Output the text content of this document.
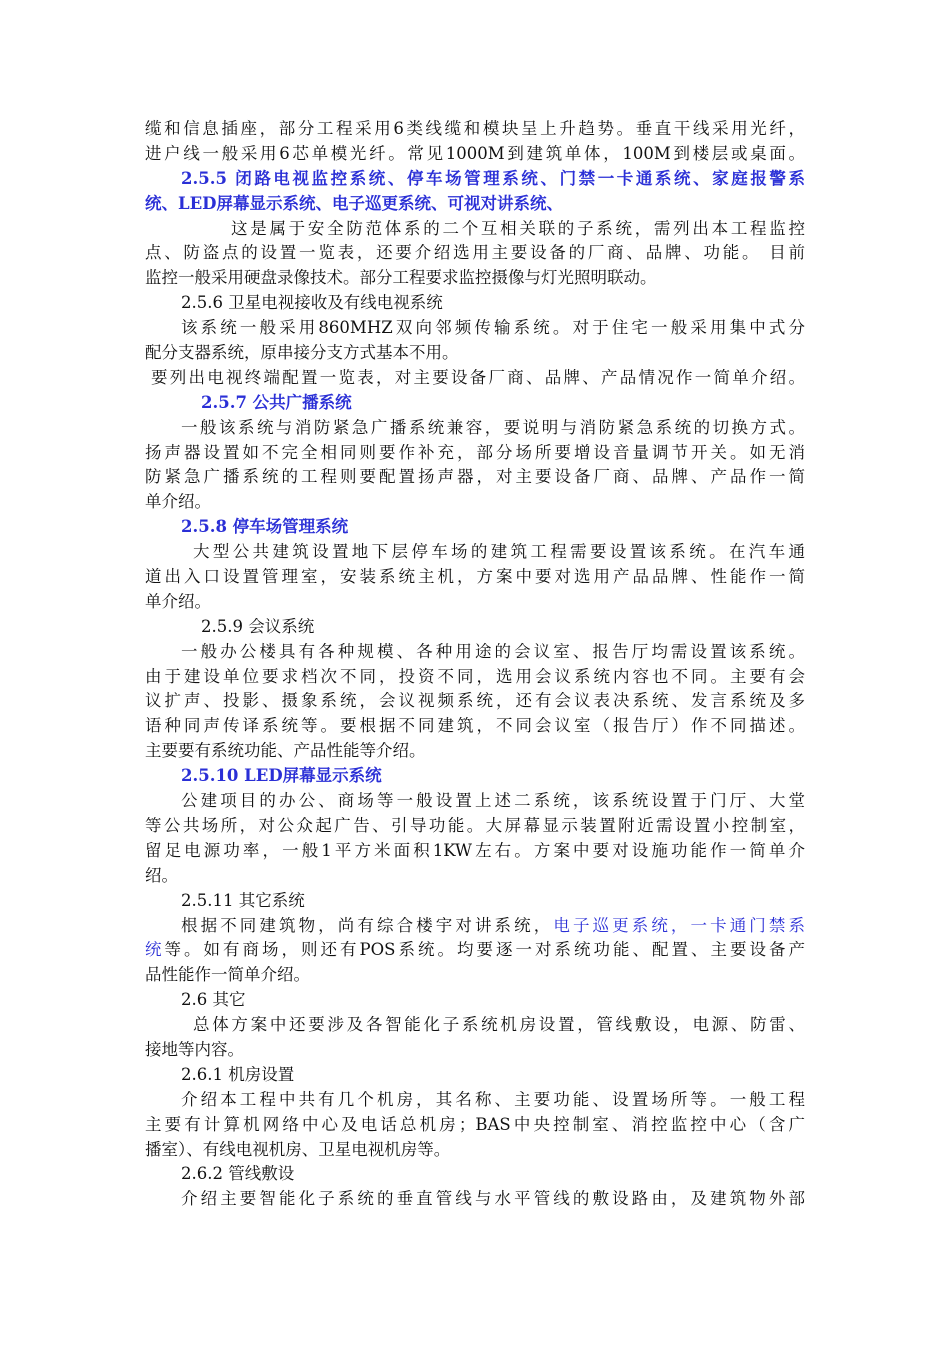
缆和信息插座，部分工程采用6类线缆和模块呈上升趋势。垂直干线采用光纤，
进户线一般采用6芯单模光纤。常见1000M到建筑单体，100M到楼层或桌面。
2.5.5 闭路电视监控系统、停车场管理系统、门禁一卡通系统、家庭报警系
统、LED屏幕显示系统、电子巡更系统、可视对讲系统、
这是属于安全防范体系的二个互相关联的子系统，需列出本工程监控
点、防盗点的设置一览表，还要介绍选用主要设备的厂商、品牌、功能。 目前
监控一般采用硬盘录像技术。部分工程要求监控摄像与灯光照明联动。
2.5.6 卫星电视接收及有线电视系统
该系统一般采用860MHZ双向邻频传输系统。对于住宅一般采用集中式分
配分支器系统，原串接分支方式基本不用。
要列出电视终端配置一览表，对主要设备厂商、品牌、产品情况作一简单介绍。
2.5.7 公共广播系统
一般该系统与消防紧急广播系统兼容，要说明与消防紧急系统的切换方式。
扬声器设置如不完全相同则要作补充，部分场所要增设音量调节开关。如无消
防紧急广播系统的工程则要配置扬声器，对主要设备厂商、品牌、产品作一简
单介绍。
2.5.8 停车场管理系统
大型公共建筑设置地下层停车场的建筑工程需要设置该系统。在汽车通
道出入口设置管理室，安装系统主机，方案中要对选用产品品牌、性能作一简
单介绍。
2.5.9 会议系统
一般办公楼具有各种规模、各种用途的会议室、报告厅均需设置该系统。
由于建设单位要求档次不同，投资不同，选用会议系统内容也不同。主要有会
议扩声、投影、摄象系统，会议视频系统，还有会议表决系统、发言系统及多
语种同声传译系统等。要根据不同建筑，不同会议室（报告厅）作不同描述。
主要要有系统功能、产品性能等介绍。
2.5.10 LED屏幕显示系统
公建项目的办公、商场等一般设置上述二系统，该系统设置于门厅、大堂
等公共场所，对公众起广告、引导功能。大屏幕显示装置附近需设置小控制室，
留足电源功率，一般1平方米面积1KW左右。方案中要对设施功能作一简单介
绍。
2.5.11 其它系统
根据不同建筑物，尚有综合楼宇对讲系统，电子巡更系统，一卡通门禁系
统等。如有商场，则还有POS系统。均要逐一对系统功能、配置、主要设备产
品性能作一简单介绍。
2.6 其它
总体方案中还要涉及各智能化子系统机房设置，管线敷设，电源、防雷、
接地等内容。
2.6.1 机房设置
介绍本工程中共有几个机房，其名称、主要功能、设置场所等。一般工程
主要有计算机网络中心及电话总机房；BAS中央控制室、消控监控中心（含广
播室）、有线电视机房、卫星电视机房等。
2.6.2 管线敷设
介绍主要智能化子系统的垂直管线与水平管线的敷设路由，及建筑物外部
